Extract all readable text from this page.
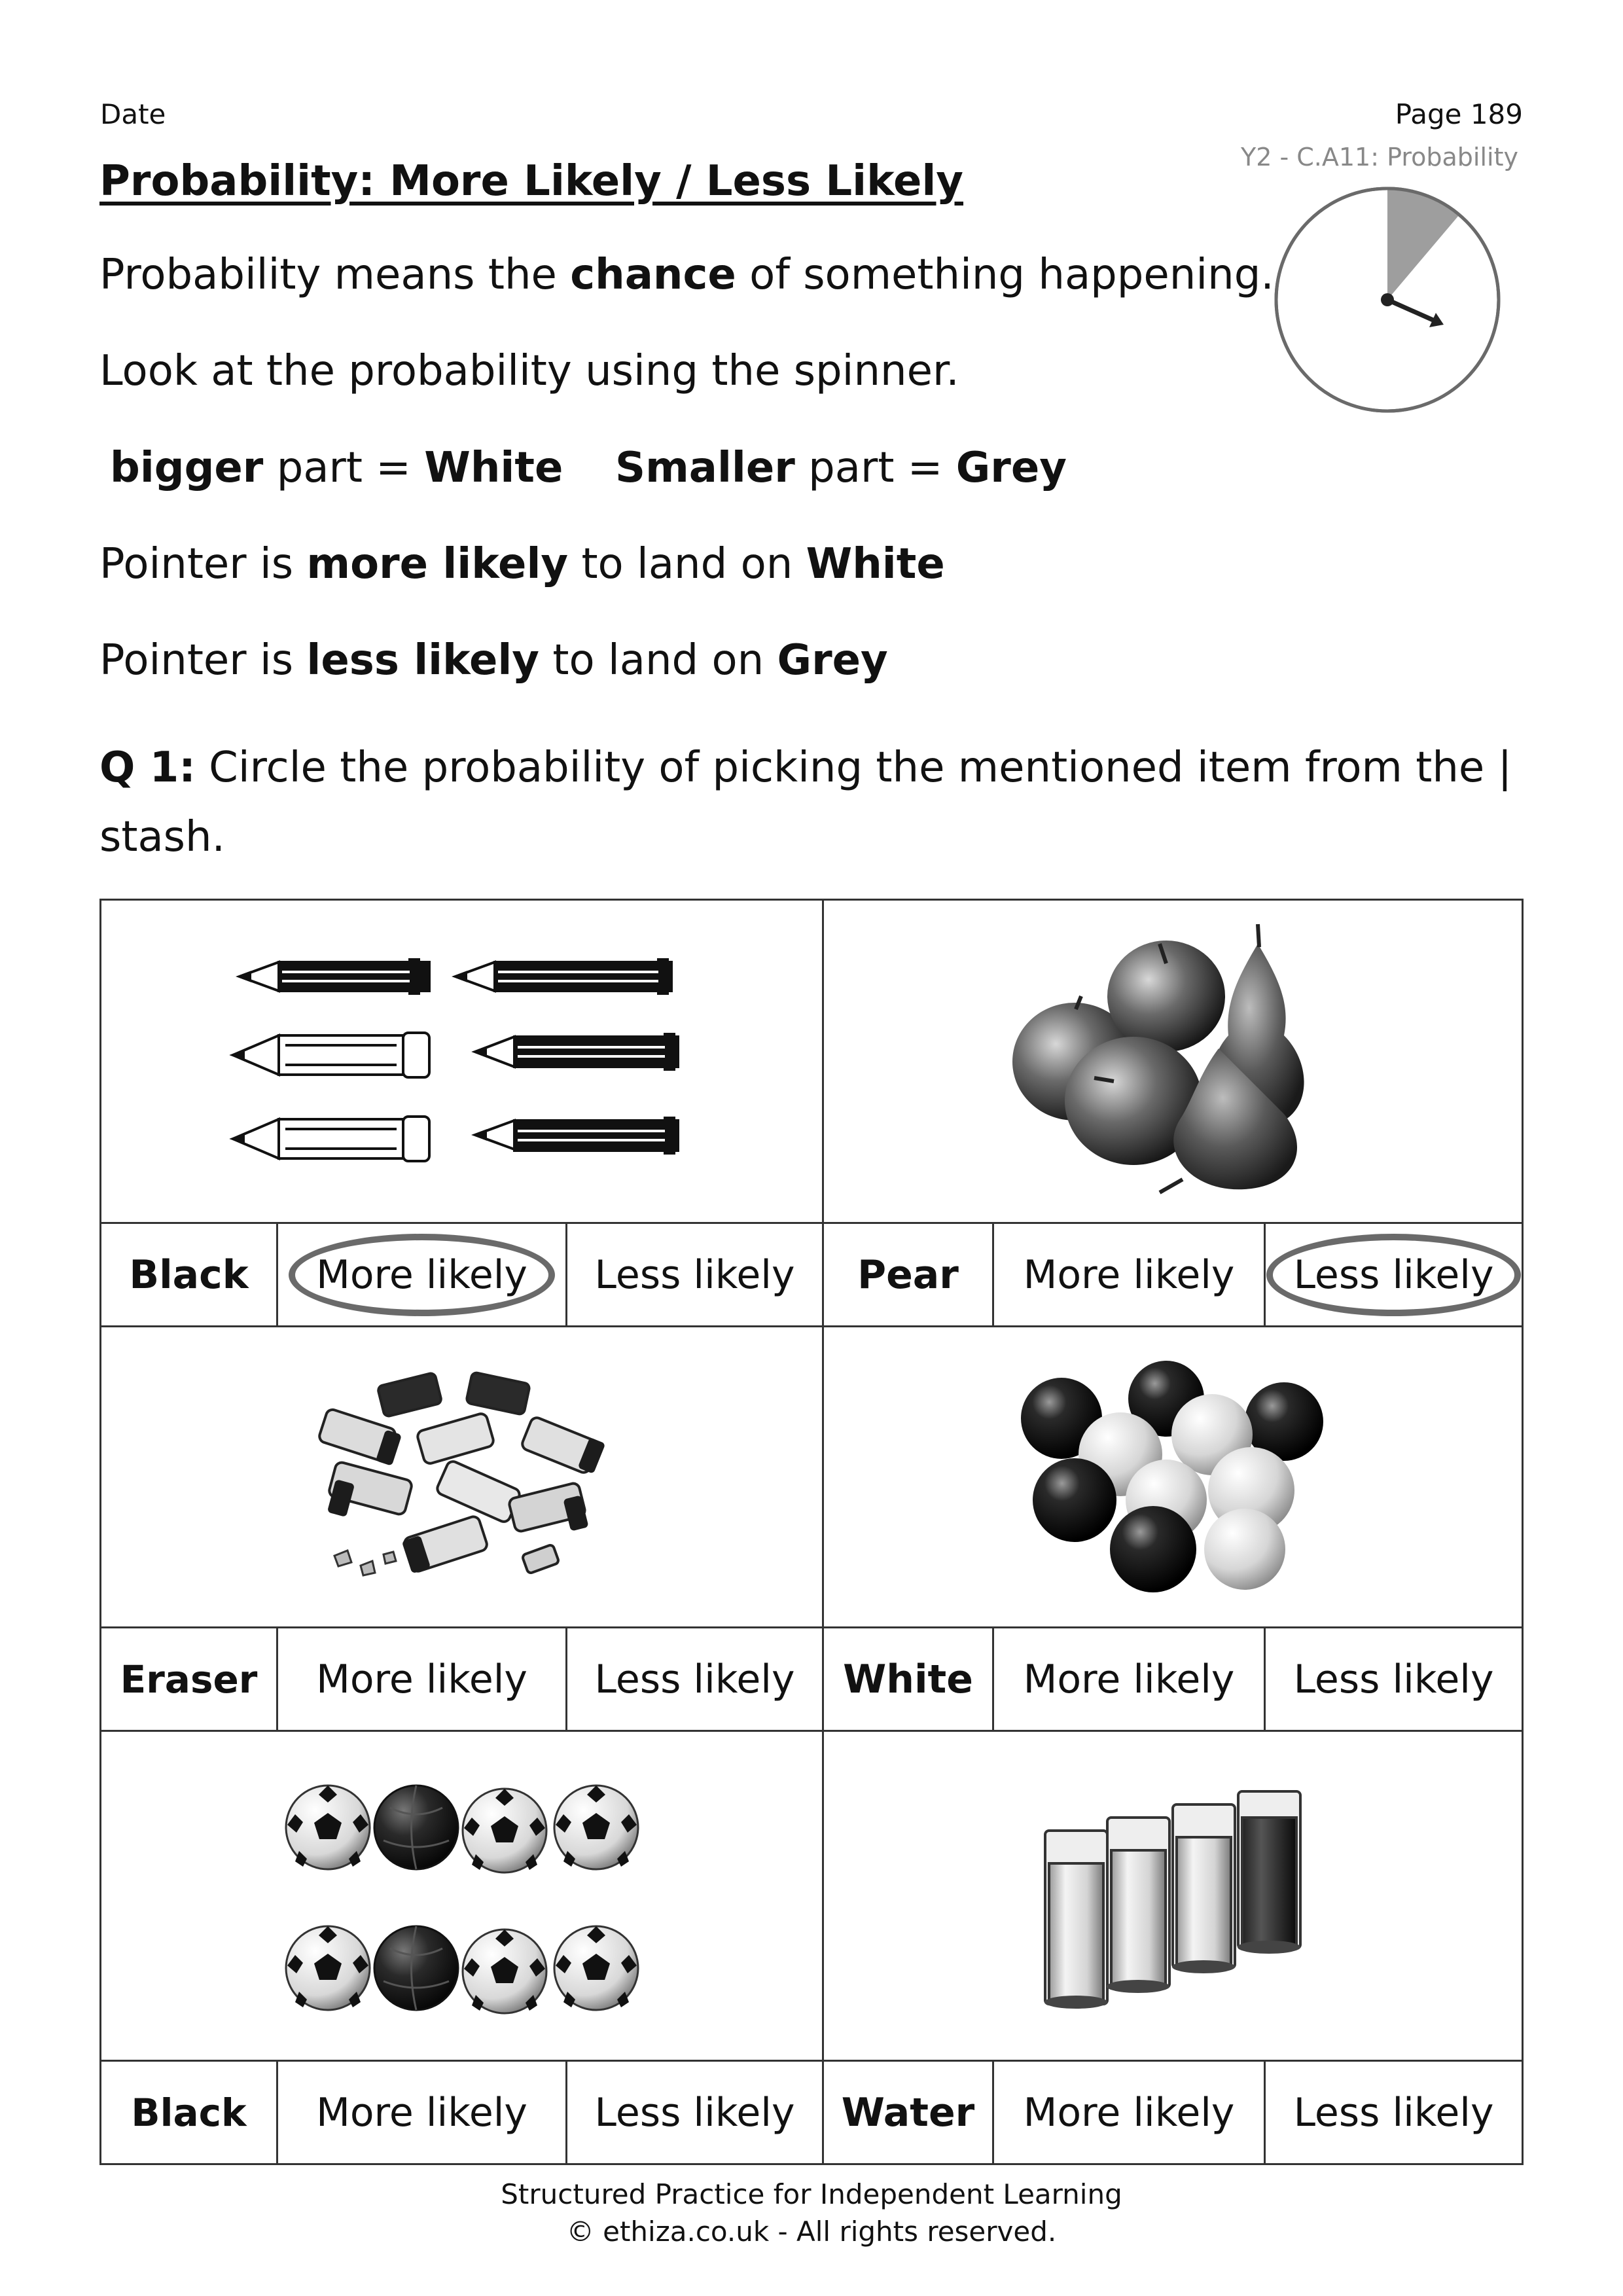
Date	Page 189
Y2 - C.A11: Probability
Probability: More Likely / Less Likely
Probability means the chance of something happening.
Look at the probability using the spinner.
bigger part = White Smaller part = Grey
Pointer is more likely to land on White
Pointer is less likely to land on Grey
Q 1: Circle the probability of picking the mentioned item from the | stash.

Black	More likely	Less likely	Pear	More likely	Less likely

Eraser	More likely	Less likely	White	More likely	Less likely

Black	More likely	Less likely	Water	More likely	Less likely
Structured Practice for Independent Learning
© ethiza.co.uk - All rights reserved.
